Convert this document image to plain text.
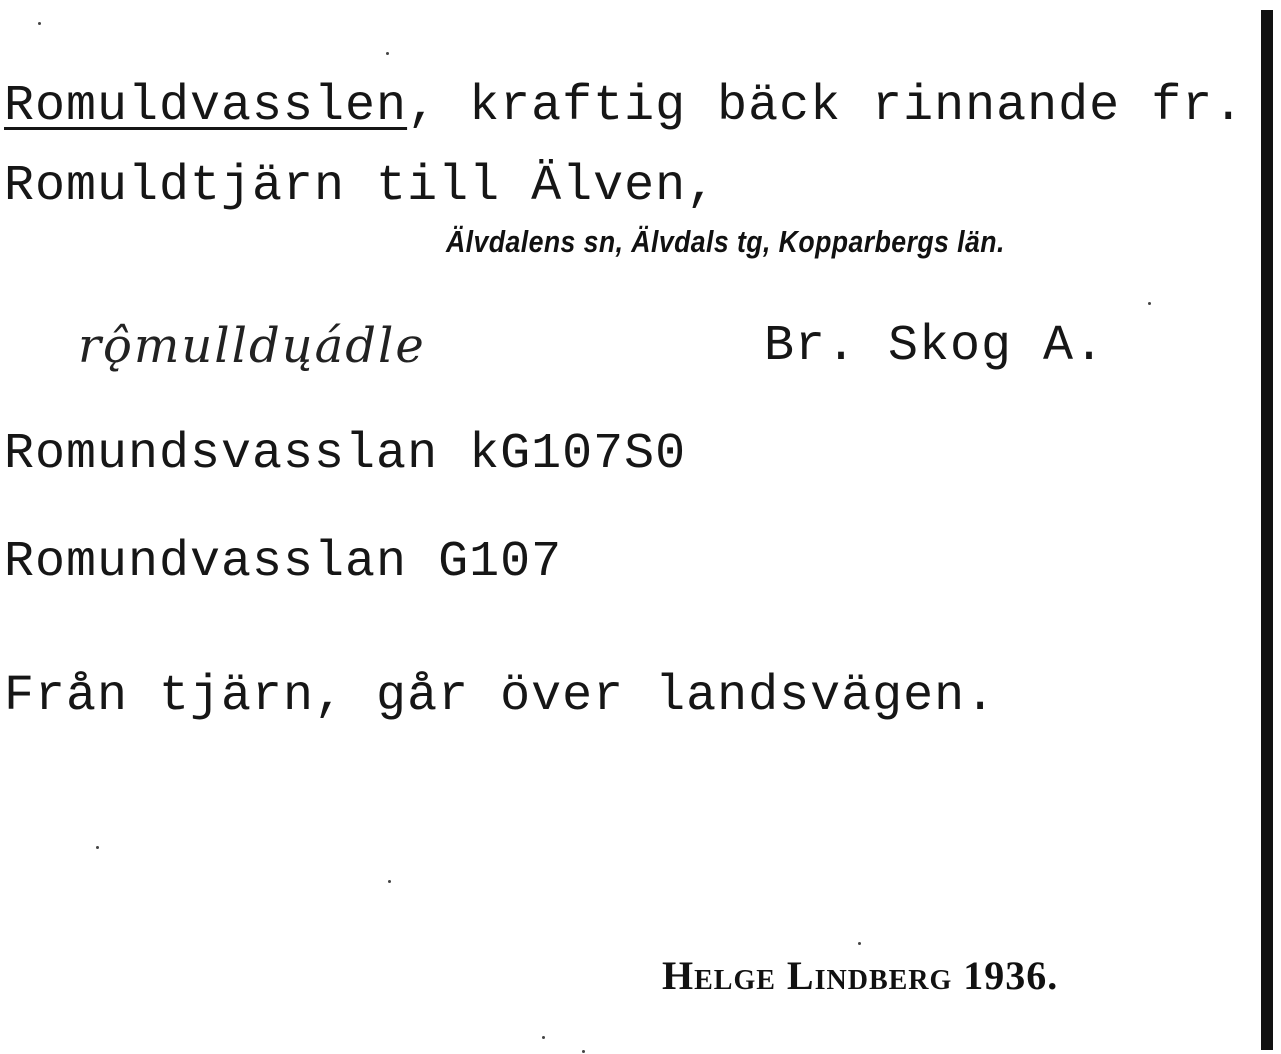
Romuldvasslen, kraftig bäck rinnande fr.
Romuldtjärn till Älven,
Älvdalens sn, Älvdals tg, Kopparbergs län.
rǫ̂mulldųádle	Br. Skog A.
Romundsvasslan kG107S0
Romundvasslan G107
Från tjärn, går över landsvägen.
Helge Lindberg 1936.
